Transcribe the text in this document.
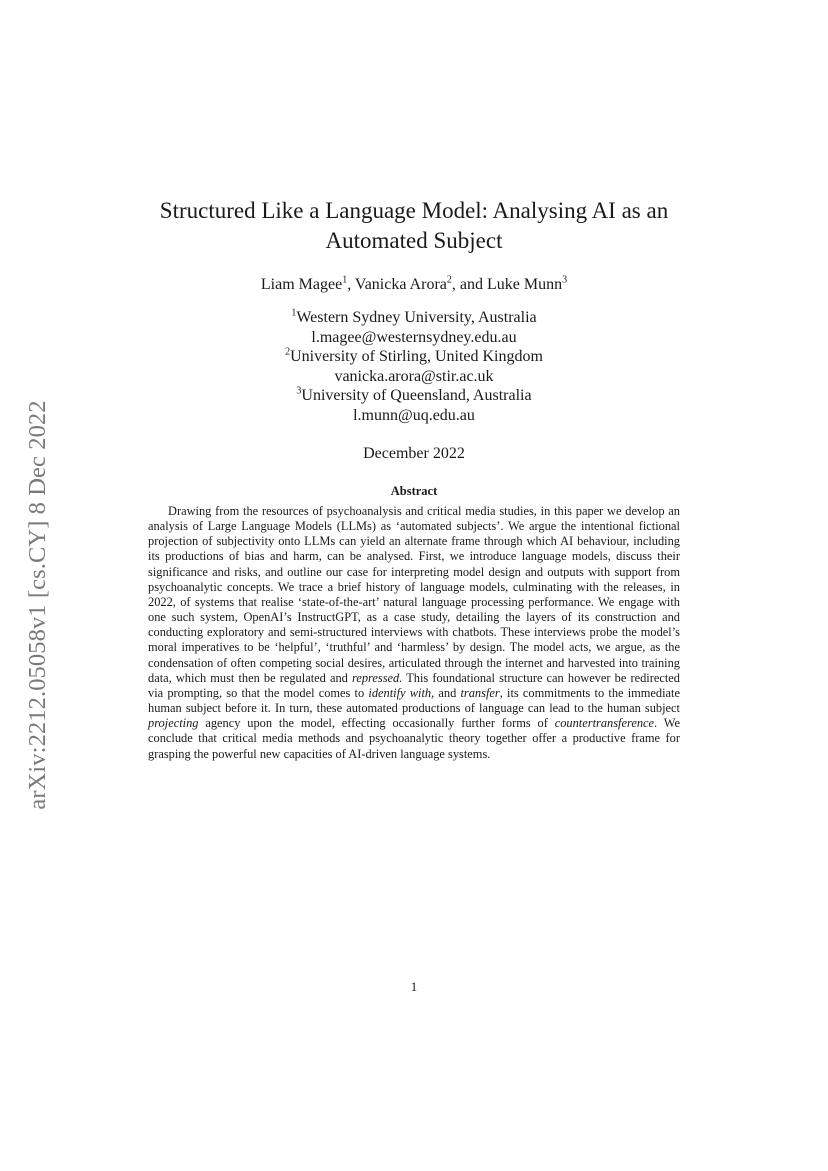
arXiv:2212.05058v1 [cs.CY] 8 Dec 2022
Structured Like a Language Model: Analysing AI as an
Automated Subject
Liam Magee$^1$, Vanicka Arora$^2$, and Luke Munn$^3$
$^1$Western Sydney University, Australia
l.magee@westernsydney.edu.au
$^2$University of Stirling, United Kingdom
vanicka.arora@stir.ac.uk
$^3$University of Queensland, Australia
l.munn@uq.edu.au
December 2022
Abstract
Drawing from the resources of psychoanalysis and critical media studies, in this paper we develop an analysis of Large Language Models (LLMs) as ‘automated subjects’. We argue the intentional fictional projection of subjectivity onto LLMs can yield an alternate frame through which AI behaviour, including its productions of bias and harm, can be analysed. First, we introduce language models, discuss their significance and risks, and outline our case for interpreting model design and outputs with support from psychoanalytic concepts. We trace a brief history of language models, culminating with the releases, in 2022, of systems that realise ‘state-of-the-art’ natural language processing performance. We engage with one such system, OpenAI’s InstructGPT, as a case study, detailing the layers of its construction and conducting exploratory and semi-structured interviews with chatbots. These interviews probe the model’s moral imperatives to be ‘helpful’, ‘truthful’ and ‘harmless’ by design. The model acts, we argue, as the condensation of often competing social desires, articulated through the internet and harvested into training data, which must then be regulated and repressed. This foundational structure can however be redirected via prompting, so that the model comes to identify with, and transfer, its commitments to the immediate human subject before it. In turn, these automated productions of language can lead to the human subject projecting agency upon the model, effecting occasionally further forms of countertransference. We conclude that critical media methods and psychoanalytic theory together offer a productive frame for grasping the powerful new capacities of AI-driven language systems.
1
